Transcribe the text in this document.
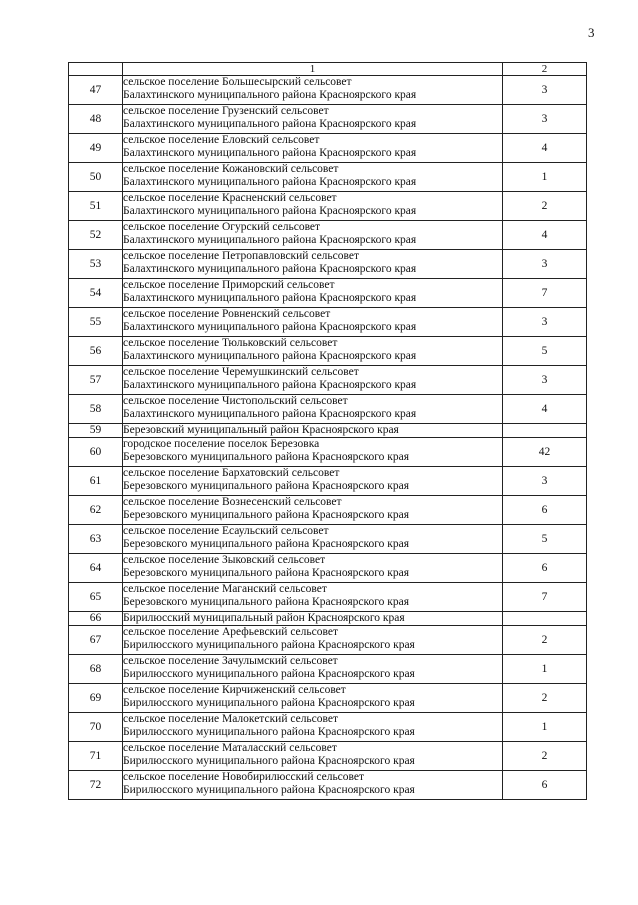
3
	1	2
47	сельское поселение Большесырский сельсовет
Балахтинского муниципального района Красноярского края	3
48	сельское поселение Грузенский сельсовет
Балахтинского муниципального района Красноярского края	3
49	сельское поселение Еловский сельсовет
Балахтинского муниципального района Красноярского края	4
50	сельское поселение Кожановский сельсовет
Балахтинского муниципального района Красноярского края	1
51	сельское поселение Красненский сельсовет
Балахтинского муниципального района Красноярского края	2
52	сельское поселение Огурский сельсовет
Балахтинского муниципального района Красноярского края	4
53	сельское поселение Петропавловский сельсовет
Балахтинского муниципального района Красноярского края	3
54	сельское поселение Приморский сельсовет
Балахтинского муниципального района Красноярского края	7
55	сельское поселение Ровненский сельсовет
Балахтинского муниципального района Красноярского края	3
56	сельское поселение Тюльковский сельсовет
Балахтинского муниципального района Красноярского края	5
57	сельское поселение Черемушкинский сельсовет
Балахтинского муниципального района Красноярского края	3
58	сельское поселение Чистопольский сельсовет
Балахтинского муниципального района Красноярского края	4
59	Березовский муниципальный район Красноярского края	

60	городское поселение поселок Березовка
Березовского муниципального района Красноярского края	42
61	сельское поселение Бархатовский сельсовет
Березовского муниципального района Красноярского края	3
62	сельское поселение Вознесенский сельсовет
Березовского муниципального района Красноярского края	6
63	сельское поселение Есаульский сельсовет
Березовского муниципального района Красноярского края	5
64	сельское поселение Зыковский сельсовет
Березовского муниципального района Красноярского края	6
65	сельское поселение Маганский сельсовет
Березовского муниципального района Красноярского края	7
66	Бирилюсский муниципальный район Красноярского края	

67	сельское поселение Арефьевский сельсовет
Бирилюсского муниципального района Красноярского края	2
68	сельское поселение Зачулымский сельсовет
Бирилюсского муниципального района Красноярского края	1
69	сельское поселение Кирчиженский сельсовет
Бирилюсского муниципального района Красноярского края	2
70	сельское поселение Малокетский сельсовет
Бирилюсского муниципального района Красноярского края	1
71	сельское поселение Маталасский сельсовет
Бирилюсского муниципального района Красноярского края	2
72	сельское поселение Новобирилюсский сельсовет
Бирилюсского муниципального района Красноярского края	6
